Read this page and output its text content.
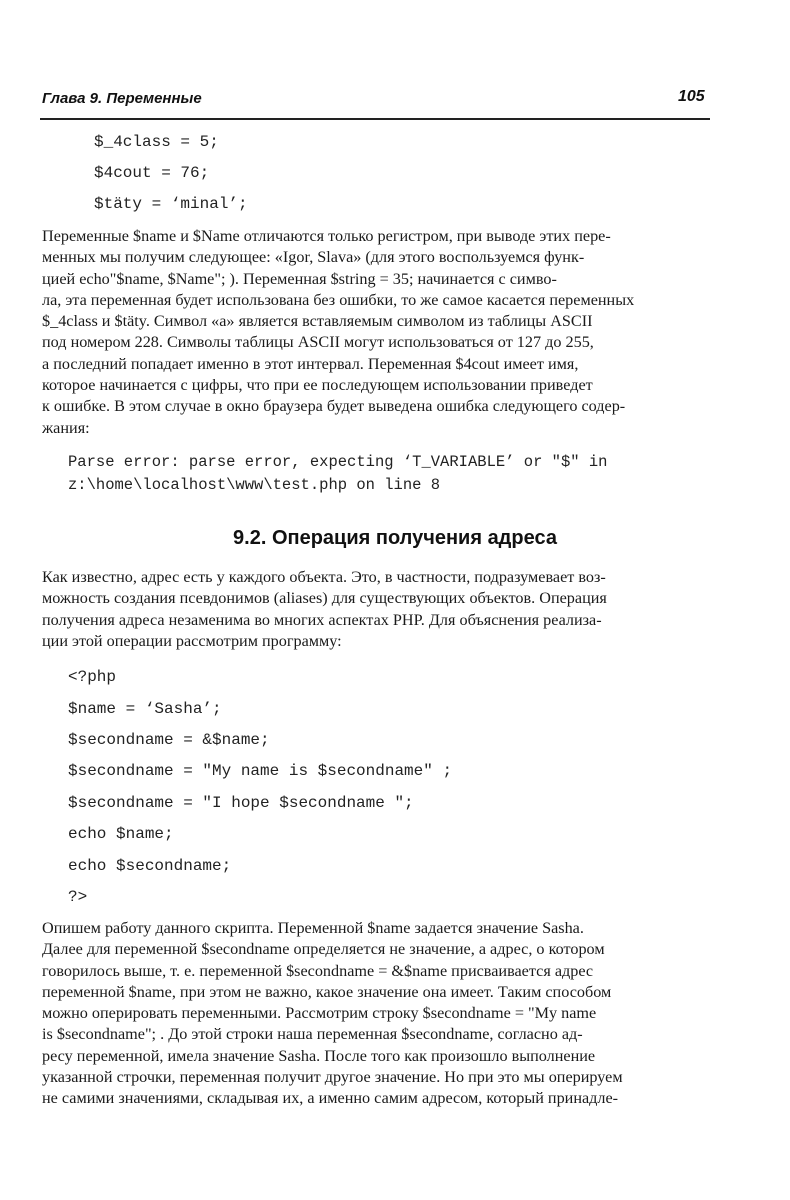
Глава 9. Переменные	105
$_4class = 5;
$4cout = 76;
$täty = ‘minal’;
Переменные $name и $Name отличаются только регистром, при выводе этих пере-
менных мы получим следующее: «Igor, Slava» (для этого воспользуемся функ-
цией echo"$name, $Name"; ). Переменная $string = 35; начинается с симво-
ла, эта переменная будет использована без ошибки, то же самое касается переменных
$_4class и $täty. Символ «а» является вставляемым символом из таблицы ASCII
под номером 228. Символы таблицы ASCII могут использоваться от 127 до 255,
а последний попадает именно в этот интервал. Переменная $4cout имеет имя,
которое начинается с цифры, что при ее последующем использовании приведет
к ошибке. В этом случае в окно браузера будет выведена ошибка следующего содер-
жания:
Parse error: parse error, expecting ‘T_VARIABLE’ or "$" in
z:\home\localhost\www\test.php on line 8
9.2. Операция получения адреса
Как известно, адрес есть у каждого объекта. Это, в частности, подразумевает воз-
можность создания псевдонимов (aliases) для существующих объектов. Операция
получения адреса незаменима во многих аспектах PHP. Для объяснения реализа-
ции этой операции рассмотрим программу:
<?php
$name = ‘Sasha’;
$secondname = &$name;
$secondname = "My name is $secondname" ;
$secondname = "I hope $secondname ";
echo $name;
echo $secondname;
?>
Опишем работу данного скрипта. Переменной $name задается значение Sasha.
Далее для переменной $secondname определяется не значение, а адрес, о котором
говорилось выше, т. е. переменной $secondname = &$name присваивается адрес
переменной $name, при этом не важно, какое значение она имеет. Таким способом
можно оперировать переменными. Рассмотрим строку $secondname = "My name
is $secondname"; . До этой строки наша переменная $secondname, согласно ад-
ресу переменной, имела значение Sasha. После того как произошло выполнение
указанной строчки, переменная получит другое значение. Но при это мы оперируем
не самими значениями, складывая их, а именно самим адресом, который принадле-
